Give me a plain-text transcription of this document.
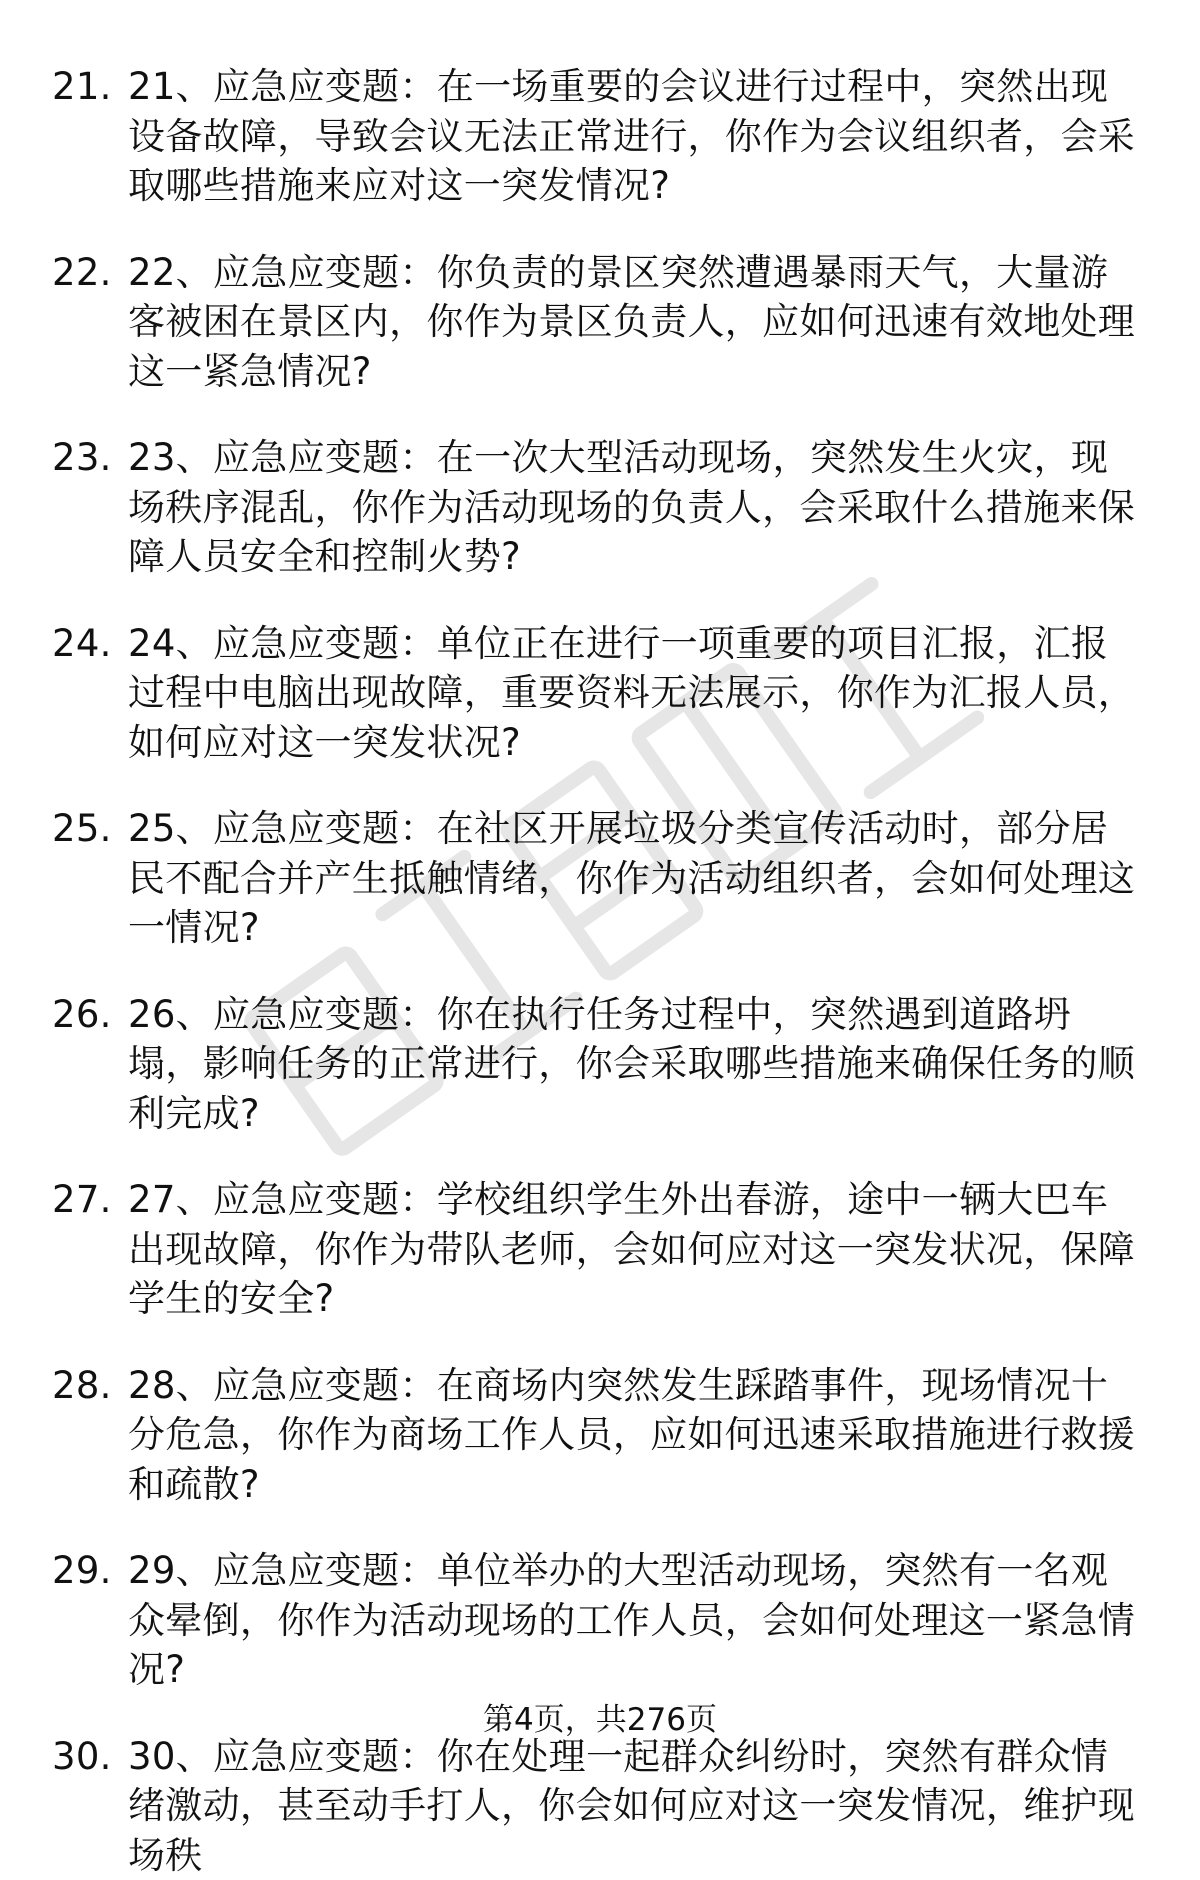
21. 21、应急应变题：在一场重要的会议进行过程中，突然出现设备故障，导致会议无法正常进行，你作为会议组织者，会采取哪些措施来应对这一突发情况?
22. 22、应急应变题：你负责的景区突然遭遇暴雨天气，大量游客被困在景区内，你作为景区负责人，应如何迅速有效地处理这一紧急情况?
23. 23、应急应变题：在一次大型活动现场，突然发生火灾，现场秩序混乱，你作为活动现场的负责人，会采取什么措施来保障人员安全和控制火势?
24. 24、应急应变题：单位正在进行一项重要的项目汇报，汇报过程中电脑出现故障，重要资料无法展示，你作为汇报人员，如何应对这一突发状况?
25. 25、应急应变题：在社区开展垃圾分类宣传活动时，部分居民不配合并产生抵触情绪，你作为活动组织者，会如何处理这一情况?
26. 26、应急应变题：你在执行任务过程中，突然遇到道路坍塌，影响任务的正常进行，你会采取哪些措施来确保任务的顺利完成?
27. 27、应急应变题：学校组织学生外出春游，途中一辆大巴车出现故障，你作为带队老师，会如何应对这一突发状况，保障学生的安全?
28. 28、应急应变题：在商场内突然发生踩踏事件，现场情况十分危急，你作为商场工作人员，应如何迅速采取措施进行救援和疏散?
29. 29、应急应变题：单位举办的大型活动现场，突然有一名观众晕倒，你作为活动现场的工作人员，会如何处理这一紧急情况?
30. 30、应急应变题：你在处理一起群众纠纷时，突然有群众情绪激动，甚至动手打人，你会如何应对这一突发情况，维护现场秩
第4页，共276页
